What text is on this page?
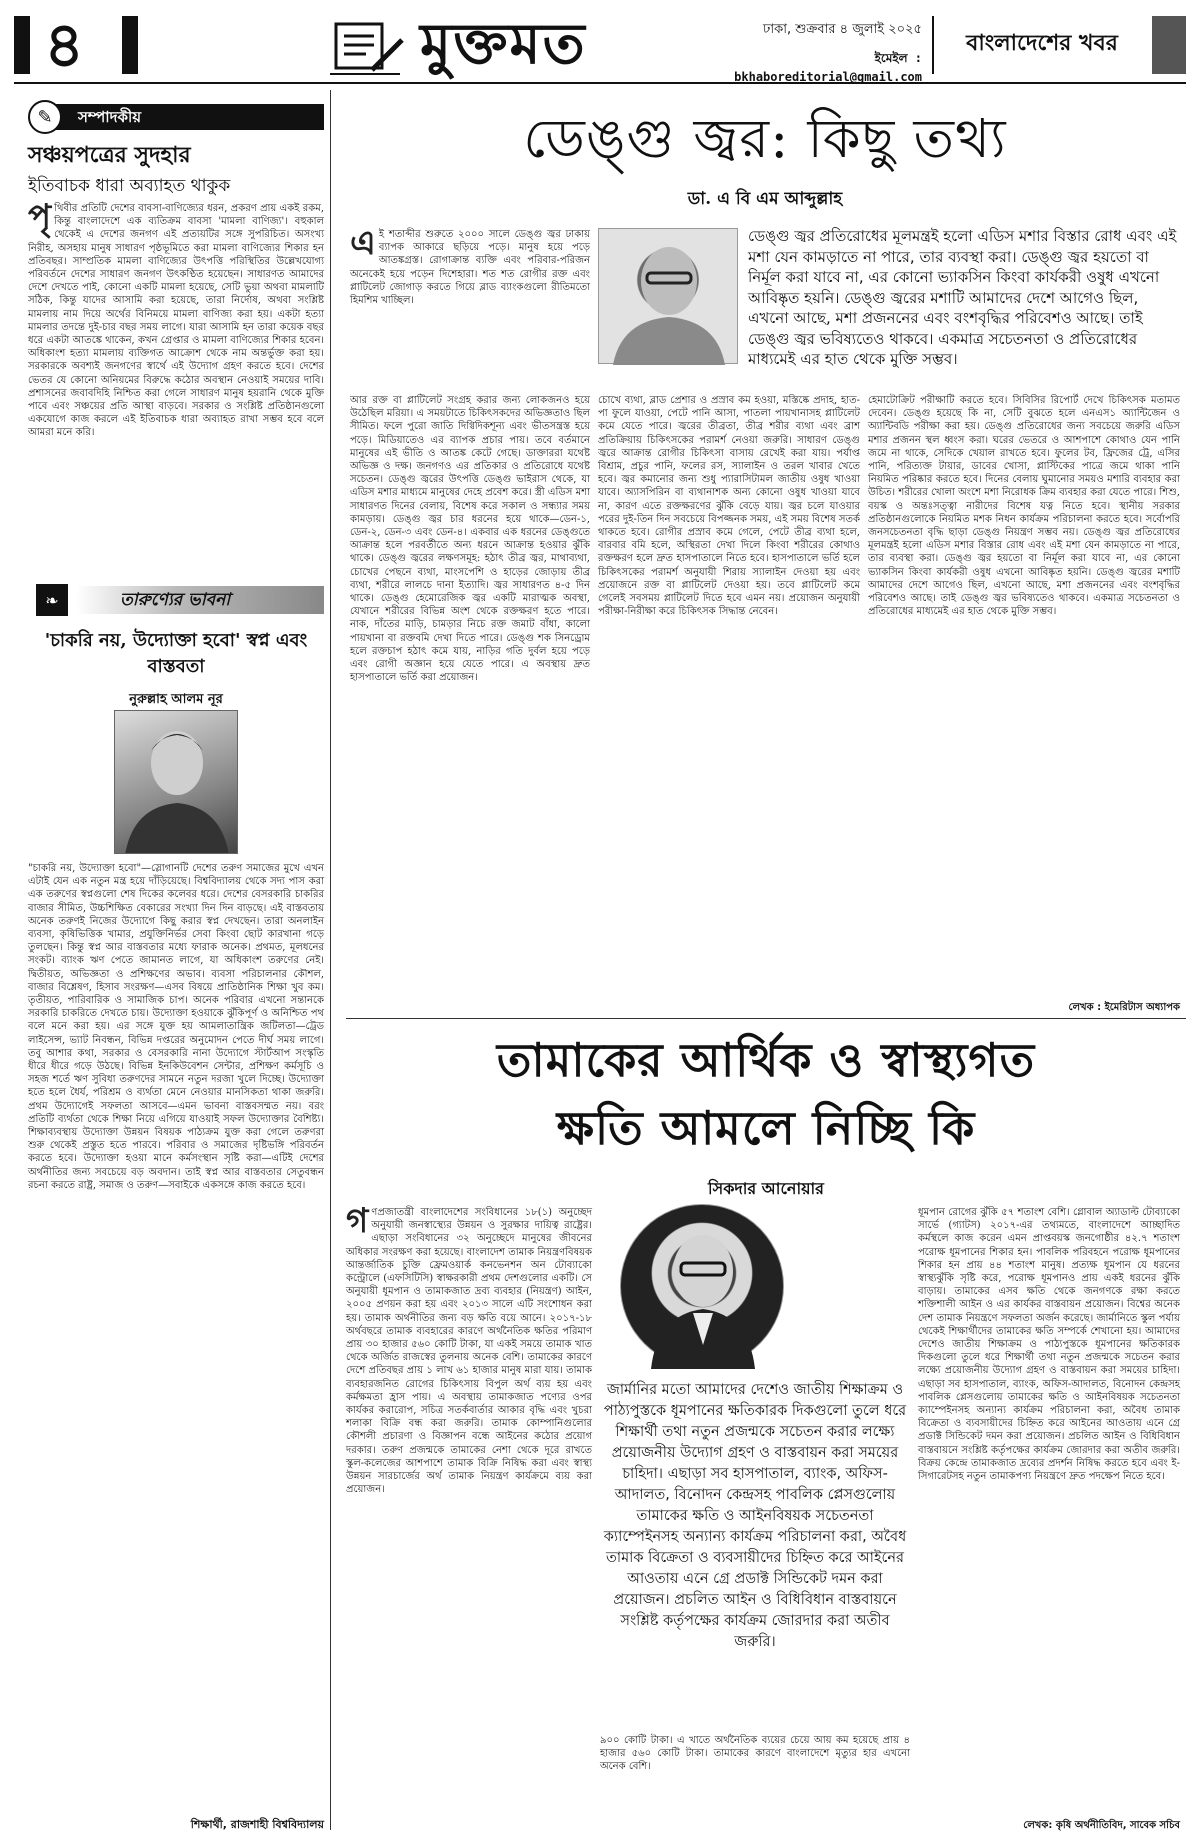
৪	মুক্তমত	ঢাকা, শুক্রবার ৪ জুলাই ২০২৫
ইমেইল : bkhaboreditorial@gmail.com
বাংলাদেশের খবর
সম্পাদকীয়
✎
সঞ্চয়পত্রের সুদহার
ইতিবাচক ধারা অব্যাহত থাকুক
পৃথিবীর প্রতিটি দেশের বাবসা-বাণিজ্যের ধরন, প্রকরণ প্রায় একই রকম, কিন্তু বাংলাদেশে এক ব্যতিক্রম বাবসা 'মামলা বাণিজ্য'। বহুকাল থেকেই এ দেশের জনগণ এই প্রত্যয়টির সঙ্গে সুপরিচিত। অসংখ্য নিরীহ, অসহায় মানুষ সাধারণ পৃষ্ঠভূমিতে করা মামলা বাণিজ্যের শিকার হন প্রতিবছর। সাম্প্রতিক মামলা বাণিজ্যের উৎপত্তি পরিস্থিতির উল্লেখযোগ্য পরিবর্তনে দেশের সাধারণ জনগণ উৎকণ্ঠিত হয়েছেন। সাধারণত আমাদের দেশে দেখতে পাই, কোনো একটি মামলা হয়েছে, সেটি ভুয়া অথবা মামলাটি সঠিক, কিন্তু যাদের আসামি করা হয়েছে, তারা নির্দোষ, অথবা সংশ্লিষ্ট মামলায় নাম দিয়ে অর্থের বিনিময়ে মামলা বাণিজ্য করা হয়। একটা হত্যা মামলার তদন্তে দুই-চার বছর সময় লাগে। যারা আসামি হন তারা কয়েক বছর ধরে একটা আতঙ্কে থাকেন, কখন গ্রেপ্তার ও মামলা বাণিজ্যের শিকার হবেন। অধিকাংশ হত্যা মামলায় ব্যক্তিগত আক্রোশ থেকে নাম অন্তর্ভুক্ত করা হয়। সরকারকে অবশ্যই জনগণের স্বার্থে এই উদ্যোগ গ্রহণ করতে হবে। দেশের ভেতর যে কোনো অনিয়মের বিরুদ্ধে কঠোর অবস্থান নেওয়াই সময়ের দাবি। প্রশাসনের জবাবদিহি নিশ্চিত করা গেলে সাধারণ মানুষ হয়রানি থেকে মুক্তি পাবে এবং সঞ্চয়ের প্রতি আস্থা বাড়বে। সরকার ও সংশ্লিষ্ট প্রতিষ্ঠানগুলো একযোগে কাজ করলে এই ইতিবাচক ধারা অব্যাহত রাখা সম্ভব হবে বলে আমরা মনে করি।
❧	তারুণ্যের ভাবনা
'চাকরি নয়, উদ্যোক্তা হবো' স্বপ্ন এবং বাস্তবতা
নুরুল্লাহ আলম নূর
"চাকরি নয়, উদ্যোক্তা হবো"—স্লোগানটি দেশের তরুণ সমাজের মুখে এখন এটাই যেন এক নতুন মন্ত্র হয়ে দাঁড়িয়েছে। বিশ্ববিদ্যালয় থেকে সদ্য পাস করা এক তরুণের স্বপ্নগুলো শেষ দিকের কলেবর ধরে। দেশের বেসরকারি চাকরির বাজার সীমিত, উচ্চশিক্ষিত বেকারের সংখ্যা দিন দিন বাড়ছে। এই বাস্তবতায় অনেক তরুণই নিজের উদ্যোগে কিছু করার স্বপ্ন দেখছেন। তারা অনলাইন ব্যবসা, কৃষিভিত্তিক খামার, প্রযুক্তিনির্ভর সেবা কিংবা ছোট কারখানা গড়ে তুলছেন। কিন্তু স্বপ্ন আর বাস্তবতার মধ্যে ফারাক অনেক। প্রথমত, মূলধনের সংকট। ব্যাংক ঋণ পেতে জামানত লাগে, যা অধিকাংশ তরুণের নেই। দ্বিতীয়ত, অভিজ্ঞতা ও প্রশিক্ষণের অভাব। ব্যবসা পরিচালনার কৌশল, বাজার বিশ্লেষণ, হিসাব সংরক্ষণ—এসব বিষয়ে প্রাতিষ্ঠানিক শিক্ষা খুব কম। তৃতীয়ত, পারিবারিক ও সামাজিক চাপ। অনেক পরিবার এখনো সন্তানকে সরকারি চাকরিতে দেখতে চায়। উদ্যোক্তা হওয়াকে ঝুঁকিপূর্ণ ও অনিশ্চিত পথ বলে মনে করা হয়। এর সঙ্গে যুক্ত হয় আমলাতান্ত্রিক জটিলতা—ট্রেড লাইসেন্স, ভ্যাট নিবন্ধন, বিভিন্ন দপ্তরের অনুমোদন পেতে দীর্ঘ সময় লাগে। তবু আশার কথা, সরকার ও বেসরকারি নানা উদ্যোগে স্টার্টআপ সংস্কৃতি ধীরে ধীরে গড়ে উঠছে। বিভিন্ন ইনকিউবেশন সেন্টার, প্রশিক্ষণ কর্মসূচি ও সহজ শর্তে ঋণ সুবিধা তরুণদের সামনে নতুন দরজা খুলে দিচ্ছে। উদ্যোক্তা হতে হলে ধৈর্য, পরিশ্রম ও ব্যর্থতা মেনে নেওয়ার মানসিকতা থাকা জরুরি। প্রথম উদ্যোগেই সফলতা আসবে—এমন ভাবনা বাস্তবসম্মত নয়। বরং প্রতিটি ব্যর্থতা থেকে শিক্ষা নিয়ে এগিয়ে যাওয়াই সফল উদ্যোক্তার বৈশিষ্ট্য। শিক্ষাব্যবস্থায় উদ্যোক্তা উন্নয়ন বিষয়ক পাঠ্যক্রম যুক্ত করা গেলে তরুণরা শুরু থেকেই প্রস্তুত হতে পারবে। পরিবার ও সমাজের দৃষ্টিভঙ্গি পরিবর্তন করতে হবে। উদ্যোক্তা হওয়া মানে কর্মসংস্থান সৃষ্টি করা—এটিই দেশের অর্থনীতির জন্য সবচেয়ে বড় অবদান। তাই স্বপ্ন আর বাস্তবতার সেতুবন্ধন রচনা করতে রাষ্ট্র, সমাজ ও তরুণ—সবাইকে একসঙ্গে কাজ করতে হবে।
শিক্ষার্থী, রাজশাহী বিশ্ববিদ্যালয়
ডেঙ্গু জ্বর: কিছু তথ্য
ডা. এ বি এম আব্দুল্লাহ
ডেঙ্গু জ্বর প্রতিরোধের মূলমন্ত্রই হলো এডিস মশার বিস্তার রোধ এবং এই মশা যেন কামড়াতে না পারে, তার ব্যবস্থা করা। ডেঙ্গু জ্বর হয়তো বা নির্মূল করা যাবে না, এর কোনো ভ্যাকসিন কিংবা কার্যকরী ওষুধ এখনো আবিষ্কৃত হয়নি। ডেঙ্গু জ্বরের মশাটি আমাদের দেশে আগেও ছিল, এখনো আছে, মশা প্রজননের এবং বংশবৃদ্ধির পরিবেশও আছে। তাই ডেঙ্গু জ্বর ভবিষ্যতেও থাকবে। একমাত্র সচেতনতা ও প্রতিরোধের মাধ্যমেই এর হাত থেকে মুক্তি সম্ভব।
এই শতাব্দীর শুরুতে ২০০০ সালে ডেঙ্গু জ্বর ঢাকায় ব্যাপক আকারে ছড়িয়ে পড়ে। মানুষ হয়ে পড়ে আতঙ্কগ্রস্ত। রোগাক্রান্ত ব্যক্তি এবং পরিবার-পরিজন অনেকেই হয়ে পড়েন দিশেহারা। শত শত রোগীর রক্ত এবং প্লাটিলেট জোগাড় করতে গিয়ে ব্লাড ব্যাংকগুলো রীতিমতো হিমশিম খাচ্ছিল।
আর রক্ত বা প্লাটিলেট সংগ্রহ করার জন্য লোকজনও হয়ে উঠেছিল মরিয়া। এ সময়টাতে চিকিৎসকদের অভিজ্ঞতাও ছিল সীমিত। ফলে পুরো জাতি দিগ্বিদিকশূন্য এবং ভীতসন্ত্রস্ত হয়ে পড়ে। মিডিয়াতেও এর ব্যাপক প্রচার পায়। তবে বর্তমানে মানুষের এই ভীতি ও আতঙ্ক কেটে গেছে। ডাক্তাররা যথেষ্ট অভিজ্ঞ ও দক্ষ। জনগণও এর প্রতিকার ও প্রতিরোধে যথেষ্ট সচেতন। ডেঙ্গু জ্বরের উৎপত্তি ডেঙ্গু ভাইরাস থেকে, যা এডিস মশার মাধ্যমে মানুষের দেহে প্রবেশ করে। স্ত্রী এডিস মশা সাধারণত দিনের বেলায়, বিশেষ করে সকাল ও সন্ধ্যার সময় কামড়ায়। ডেঙ্গু জ্বর চার ধরনের হয়ে থাকে—ডেন-১, ডেন-২, ডেন-৩ এবং ডেন-৪। একবার এক ধরনের ডেঙ্গুতে আক্রান্ত হলে পরবর্তীতে অন্য ধরনে আক্রান্ত হওয়ার ঝুঁকি থাকে। ডেঙ্গু জ্বরের লক্ষণসমূহ: হঠাৎ তীব্র জ্বর, মাথাব্যথা, চোখের পেছনে ব্যথা, মাংসপেশি ও হাড়ের জোড়ায় তীব্র ব্যথা, শরীরে লালচে দানা ইত্যাদি। জ্বর সাধারণত ৪-৫ দিন থাকে। ডেঙ্গু হেমোরেজিক জ্বর একটি মারাত্মক অবস্থা, যেখানে শরীরের বিভিন্ন অংশ থেকে রক্তক্ষরণ হতে পারে। নাক, দাঁতের মাড়ি, চামড়ার নিচে রক্ত জমাট বাঁধা, কালো পায়খানা বা রক্তবমি দেখা দিতে পারে। ডেঙ্গু শক সিনড্রোম হলে রক্তচাপ হঠাৎ কমে যায়, নাড়ির গতি দুর্বল হয়ে পড়ে এবং রোগী অজ্ঞান হয়ে যেতে পারে। এ অবস্থায় দ্রুত হাসপাতালে ভর্তি করা প্রয়োজন।
চোখে ব্যথা, ব্লাড প্রেশার ও প্রস্রাব কম হওয়া, মস্তিষ্কে প্রদাহ, হাত-পা ফুলে যাওয়া, পেটে পানি আসা, পাতলা পায়খানাসহ প্লাটিলেট কমে যেতে পারে। জ্বরের তীব্রতা, তীব্র শরীর ব্যথা এবং ব্রাশ প্রতিক্রিয়ায় চিকিৎসকের পরামর্শ নেওয়া জরুরি। সাধারণ ডেঙ্গু জ্বরে আক্রান্ত রোগীর চিকিৎসা বাসায় রেখেই করা যায়। পর্যাপ্ত বিশ্রাম, প্রচুর পানি, ফলের রস, স্যালাইন ও তরল খাবার খেতে হবে। জ্বর কমানোর জন্য শুধু প্যারাসিটামল জাতীয় ওষুধ খাওয়া যাবে। অ্যাসপিরিন বা ব্যথানাশক অন্য কোনো ওষুধ খাওয়া যাবে না, কারণ এতে রক্তক্ষরণের ঝুঁকি বেড়ে যায়। জ্বর চলে যাওয়ার পরের দুই-তিন দিন সবচেয়ে বিপজ্জনক সময়, এই সময় বিশেষ সতর্ক থাকতে হবে। রোগীর প্রস্রাব কমে গেলে, পেটে তীব্র ব্যথা হলে, বারবার বমি হলে, অস্থিরতা দেখা দিলে কিংবা শরীরের কোথাও রক্তক্ষরণ হলে দ্রুত হাসপাতালে নিতে হবে। হাসপাতালে ভর্তি হলে চিকিৎসকের পরামর্শ অনুযায়ী শিরায় স্যালাইন দেওয়া হয় এবং প্রয়োজনে রক্ত বা প্লাটিলেট দেওয়া হয়। তবে প্লাটিলেট কমে গেলেই সবসময় প্লাটিলেট দিতে হবে এমন নয়। প্রয়োজন অনুযায়ী পরীক্ষা-নিরীক্ষা করে চিকিৎসক সিদ্ধান্ত নেবেন।
হেমাটোক্রিট পরীক্ষাটি করতে হবে। সিবিসির রিপোর্ট দেখে চিকিৎসক মতামত দেবেন। ডেঙ্গু হয়েছে কি না, সেটি বুঝতে হলে এনএস১ অ্যান্টিজেন ও অ্যান্টিবডি পরীক্ষা করা হয়। ডেঙ্গু প্রতিরোধের জন্য সবচেয়ে জরুরি এডিস মশার প্রজনন স্থল ধ্বংস করা। ঘরের ভেতরে ও আশপাশে কোথাও যেন পানি জমে না থাকে, সেদিকে খেয়াল রাখতে হবে। ফুলের টব, ফ্রিজের ট্রে, এসির পানি, পরিত্যক্ত টায়ার, ডাবের খোসা, প্লাস্টিকের পাত্রে জমে থাকা পানি নিয়মিত পরিষ্কার করতে হবে। দিনের বেলায় ঘুমানোর সময়ও মশারি ব্যবহার করা উচিত। শরীরের খোলা অংশে মশা নিরোধক ক্রিম ব্যবহার করা যেতে পারে। শিশু, বয়স্ক ও অন্তঃসত্ত্বা নারীদের বিশেষ যত্ন নিতে হবে। স্থানীয় সরকার প্রতিষ্ঠানগুলোকে নিয়মিত মশক নিধন কার্যক্রম পরিচালনা করতে হবে। সর্বোপরি জনসচেতনতা বৃদ্ধি ছাড়া ডেঙ্গু নিয়ন্ত্রণ সম্ভব নয়। ডেঙ্গু জ্বর প্রতিরোধের মূলমন্ত্রই হলো এডিস মশার বিস্তার রোধ এবং এই মশা যেন কামড়াতে না পারে, তার ব্যবস্থা করা। ডেঙ্গু জ্বর হয়তো বা নির্মূল করা যাবে না, এর কোনো ভ্যাকসিন কিংবা কার্যকরী ওষুধ এখনো আবিষ্কৃত হয়নি। ডেঙ্গু জ্বরের মশাটি আমাদের দেশে আগেও ছিল, এখনো আছে, মশা প্রজননের এবং বংশবৃদ্ধির পরিবেশও আছে। তাই ডেঙ্গু জ্বর ভবিষ্যতেও থাকবে। একমাত্র সচেতনতা ও প্রতিরোধের মাধ্যমেই এর হাত থেকে মুক্তি সম্ভব।
লেখক : ইমেরিটাস অধ্যাপক
তামাকের আর্থিক ও স্বাস্থ্যগত
ক্ষতি আমলে নিচ্ছি কি
সিকদার আনোয়ার
জার্মানির মতো আমাদের দেশেও জাতীয় শিক্ষাক্রম ও পাঠ্যপুস্তকে ধূমপানের ক্ষতিকারক দিকগুলো তুলে ধরে শিক্ষার্থী তথা নতুন প্রজন্মকে সচেতন করার লক্ষ্যে প্রয়োজনীয় উদ্যোগ গ্রহণ ও বাস্তবায়ন করা সময়ের চাহিদা। এছাড়া সব হাসপাতাল, ব্যাংক, অফিস-আদালত, বিনোদন কেন্দ্রসহ পাবলিক প্লেসগুলোয় তামাকের ক্ষতি ও আইনবিষয়ক সচেতনতা ক্যাম্পেইনসহ অন্যান্য কার্যক্রম পরিচালনা করা, অবৈধ তামাক বিক্রেতা ও ব্যবসায়ীদের চিহ্নিত করে আইনের আওতায় এনে গ্রে প্রডাক্ট সিন্ডিকেট দমন করা প্রয়োজন। প্রচলিত আইন ও বিধিবিধান বাস্তবায়নে সংশ্লিষ্ট কর্তৃপক্ষের কার্যক্রম জোরদার করা অতীব জরুরি।
গণপ্রজাতন্ত্রী বাংলাদেশের সংবিধানের ১৮(১) অনুচ্ছেদ অনুযায়ী জনস্বাস্থ্যের উন্নয়ন ও সুরক্ষার দায়িত্ব রাষ্ট্রের। এছাড়া সংবিধানের ৩২ অনুচ্ছেদে মানুষের জীবনের অধিকার সংরক্ষণ করা হয়েছে। বাংলাদেশ তামাক নিয়ন্ত্রণবিষয়ক আন্তর্জাতিক চুক্তি ফ্রেমওয়ার্ক কনভেনশন অন টোব্যাকো কন্ট্রোলে (এফসিটিসি) স্বাক্ষরকারী প্রথম দেশগুলোর একটি। সে অনুযায়ী ধূমপান ও তামাকজাত দ্রব্য ব্যবহার (নিয়ন্ত্রণ) আইন, ২০০৫ প্রণয়ন করা হয় এবং ২০১৩ সালে এটি সংশোধন করা হয়। তামাক অর্থনীতির জন্য বড় ক্ষতি বয়ে আনে। ২০১৭-১৮ অর্থবছরে তামাক ব্যবহারের কারণে অর্থনৈতিক ক্ষতির পরিমাণ প্রায় ৩০ হাজার ৫৬০ কোটি টাকা, যা একই সময়ে তামাক খাত থেকে অর্জিত রাজস্বের তুলনায় অনেক বেশি। তামাকের কারণে দেশে প্রতিবছর প্রায় ১ লাখ ৬১ হাজার মানুষ মারা যায়। তামাক ব্যবহারজনিত রোগের চিকিৎসায় বিপুল অর্থ ব্যয় হয় এবং কর্মক্ষমতা হ্রাস পায়। এ অবস্থায় তামাকজাত পণ্যের ওপর কার্যকর করারোপ, সচিত্র সতর্কবার্তার আকার বৃদ্ধি এবং খুচরা শলাকা বিক্রি বন্ধ করা জরুরি। তামাক কোম্পানিগুলোর কৌশলী প্রচারণা ও বিজ্ঞাপন বন্ধে আইনের কঠোর প্রয়োগ দরকার। তরুণ প্রজন্মকে তামাকের নেশা থেকে দূরে রাখতে স্কুল-কলেজের আশপাশে তামাক বিক্রি নিষিদ্ধ করা এবং স্বাস্থ্য উন্নয়ন সারচার্জের অর্থ তামাক নিয়ন্ত্রণ কার্যক্রমে ব্যয় করা প্রয়োজন।
৯০০ কোটি টাকা। এ খাতে অর্থনৈতিক ব্যয়ের চেয়ে আয় কম হয়েছে প্রায় ৪ হাজার ৫৬০ কোটি টাকা। তামাকের কারণে বাংলাদেশে মৃত্যুর হার এখনো অনেক বেশি।
ধূমপান রোগের ঝুঁকি ৫৭ শতাংশ বেশি। গ্লোবাল অ্যাডাল্ট টোব্যাকো সার্ভে (গ্যাটস) ২০১৭-এর তথ্যমতে, বাংলাদেশে আচ্ছাদিত কর্মস্থলে কাজ করেন এমন প্রাপ্তবয়স্ক জনগোষ্ঠীর ৪২.৭ শতাংশ পরোক্ষ ধূমপানের শিকার হন। পাবলিক পরিবহনে পরোক্ষ ধূমপানের শিকার হন প্রায় ৪৪ শতাংশ মানুষ। প্রত্যক্ষ ধূমপান যে ধরনের স্বাস্থ্যঝুঁকি সৃষ্টি করে, পরোক্ষ ধূমপানও প্রায় একই ধরনের ঝুঁকি বাড়ায়। তামাকের এসব ক্ষতি থেকে জনগণকে রক্ষা করতে শক্তিশালী আইন ও এর কার্যকর বাস্তবায়ন প্রয়োজন। বিশ্বের অনেক দেশ তামাক নিয়ন্ত্রণে সফলতা অর্জন করেছে। জার্মানিতে স্কুল পর্যায় থেকেই শিক্ষার্থীদের তামাকের ক্ষতি সম্পর্কে শেখানো হয়। আমাদের দেশেও জাতীয় শিক্ষাক্রম ও পাঠ্যপুস্তকে ধূমপানের ক্ষতিকারক দিকগুলো তুলে ধরে শিক্ষার্থী তথা নতুন প্রজন্মকে সচেতন করার লক্ষ্যে প্রয়োজনীয় উদ্যোগ গ্রহণ ও বাস্তবায়ন করা সময়ের চাহিদা। এছাড়া সব হাসপাতাল, ব্যাংক, অফিস-আদালত, বিনোদন কেন্দ্রসহ পাবলিক প্লেসগুলোয় তামাকের ক্ষতি ও আইনবিষয়ক সচেতনতা ক্যাম্পেইনসহ অন্যান্য কার্যক্রম পরিচালনা করা, অবৈধ তামাক বিক্রেতা ও ব্যবসায়ীদের চিহ্নিত করে আইনের আওতায় এনে গ্রে প্রডাক্ট সিন্ডিকেট দমন করা প্রয়োজন। প্রচলিত আইন ও বিধিবিধান বাস্তবায়নে সংশ্লিষ্ট কর্তৃপক্ষের কার্যক্রম জোরদার করা অতীব জরুরি। বিক্রয় কেন্দ্রে তামাকজাত দ্রব্যের প্রদর্শন নিষিদ্ধ করতে হবে এবং ই-সিগারেটসহ নতুন তামাকপণ্য নিয়ন্ত্রণে দ্রুত পদক্ষেপ নিতে হবে।
লেখক: কৃষি অর্থনীতিবিদ, সাবেক সচিব
